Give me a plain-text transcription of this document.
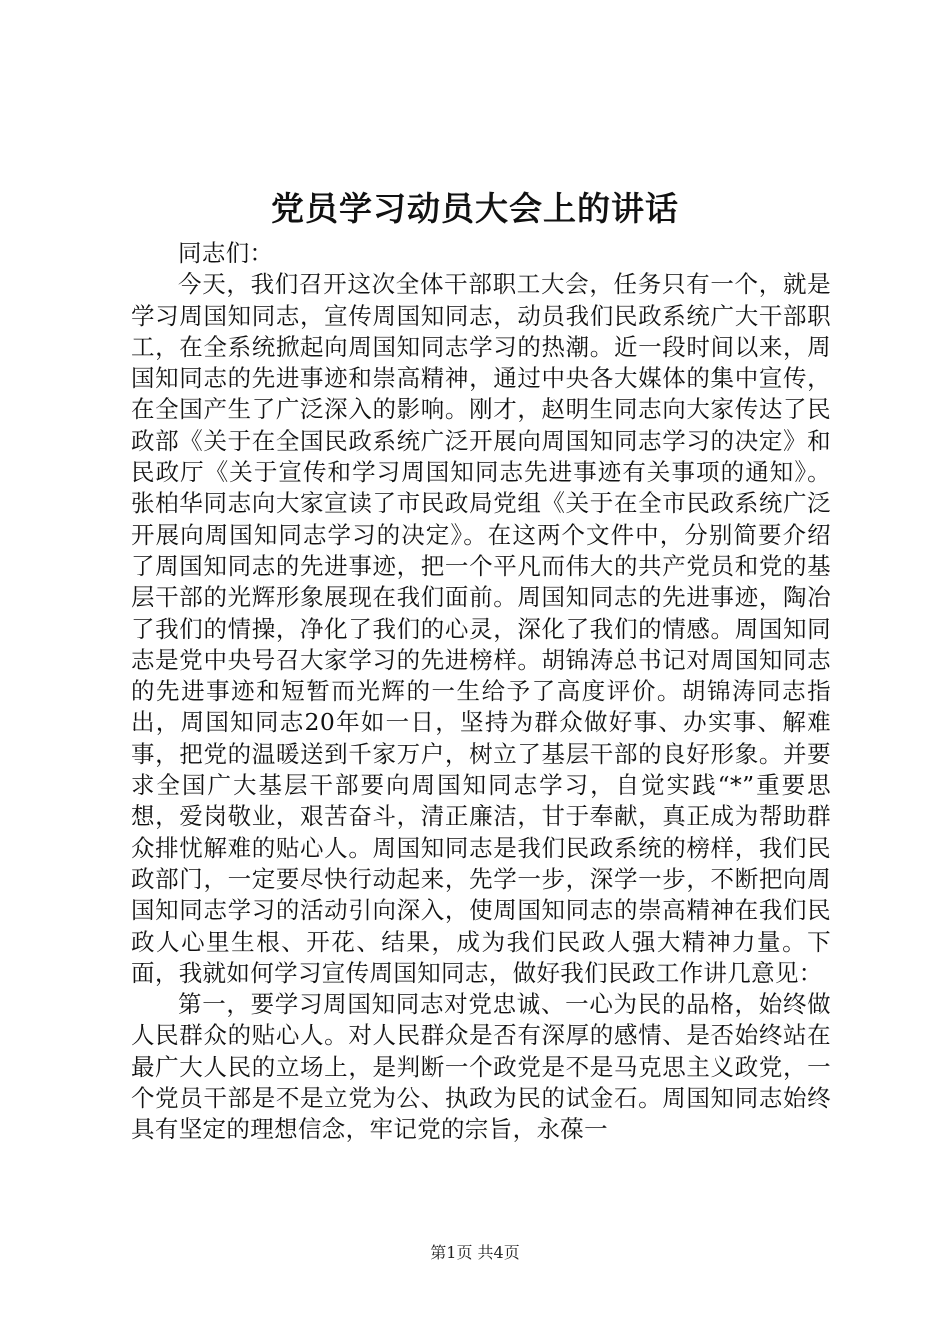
党员学习动员大会上的讲话

同志们：

今天，我们召开这次全体干部职工大会，任务只有一个，就是学习周国知同志，宣传周国知同志，动员我们民政系统广大干部职工，在全系统掀起向周国知同志学习的热潮。近一段时间以来，周国知同志的先进事迹和崇高精神，通过中央各大媒体的集中宣传，在全国产生了广泛深入的影响。刚才，赵明生同志向大家传达了民政部《关于在全国民政系统广泛开展向周国知同志学习的决定》和民政厅《关于宣传和学习周国知同志先进事迹有关事项的通知》。张柏华同志向大家宣读了市民政局党组《关于在全市民政系统广泛开展向周国知同志学习的决定》。在这两个文件中，分别简要介绍了周国知同志的先进事迹，把一个平凡而伟大的共产党员和党的基层干部的光辉形象展现在我们面前。周国知同志的先进事迹，陶冶了我们的情操，净化了我们的心灵，深化了我们的情感。周国知同志是党中央号召大家学习的先进榜样。胡锦涛总书记对周国知同志的先进事迹和短暂而光辉的一生给予了高度评价。胡锦涛同志指出，周国知同志20年如一日，坚持为群众做好事、办实事、解难事，把党的温暖送到千家万户，树立了基层干部的良好形象。并要求全国广大基层干部要向周国知同志学习，自觉实践“*”重要思想，爱岗敬业，艰苦奋斗，清正廉洁，甘于奉献，真正成为帮助群众排忧解难的贴心人。周国知同志是我们民政系统的榜样，我们民政部门，一定要尽快行动起来，先学一步，深学一步，不断把向周国知同志学习的活动引向深入，使周国知同志的崇高精神在我们民政人心里生根、开花、结果，成为我们民政人强大精神力量。下面，我就如何学习宣传周国知同志，做好我们民政工作讲几意见：

第一，要学习周国知同志对党忠诚、一心为民的品格，始终做人民群众的贴心人。对人民群众是否有深厚的感情、是否始终站在最广大人民的立场上，是判断一个政党是不是马克思主义政党，一个党员干部是不是立党为公、执政为民的试金石。周国知同志始终具有坚定的理想信念，牢记党的宗旨，永葆一

第1页 共4页
